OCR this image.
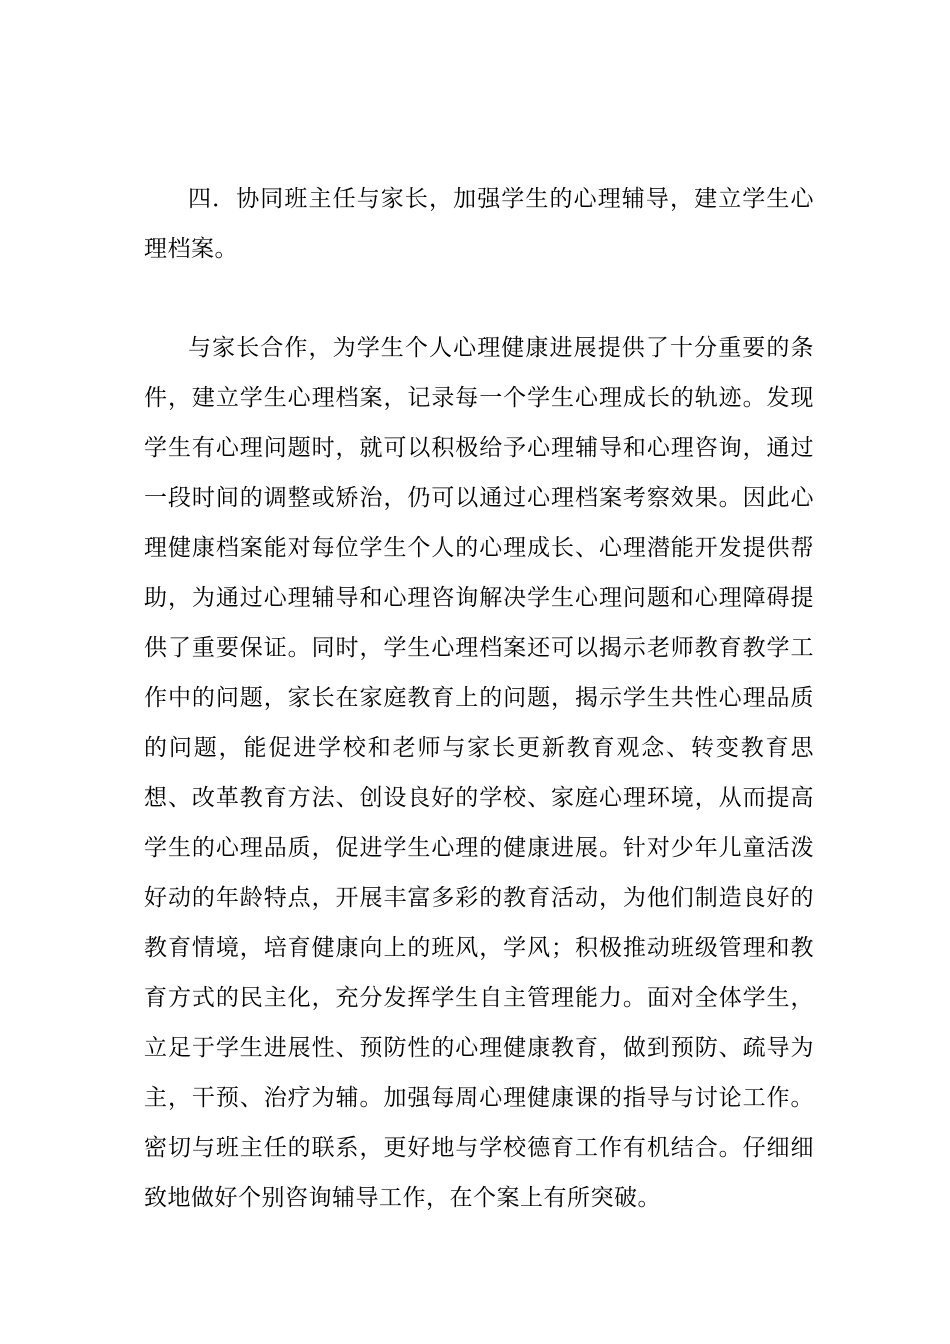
四．协同班主任与家长，加强学生的心理辅导，建立学生心理档案。

与家长合作，为学生个人心理健康进展提供了十分重要的条件，建立学生心理档案，记录每一个学生心理成长的轨迹。发现学生有心理问题时，就可以积极给予心理辅导和心理咨询，通过一段时间的调整或矫治，仍可以通过心理档案考察效果。因此心理健康档案能对每位学生个人的心理成长、心理潜能开发提供帮助，为通过心理辅导和心理咨询解决学生心理问题和心理障碍提供了重要保证。同时，学生心理档案还可以揭示老师教育教学工作中的问题，家长在家庭教育上的问题，揭示学生共性心理品质的问题，能促进学校和老师与家长更新教育观念、转变教育思想、改革教育方法、创设良好的学校、家庭心理环境，从而提高学生的心理品质，促进学生心理的健康进展。针对少年儿童活泼好动的年龄特点，开展丰富多彩的教育活动，为他们制造良好的教育情境，培育健康向上的班风，学风；积极推动班级管理和教育方式的民主化，充分发挥学生自主管理能力。面对全体学生，立足于学生进展性、预防性的心理健康教育，做到预防、疏导为主，干预、治疗为辅。加强每周心理健康课的指导与讨论工作。密切与班主任的联系，更好地与学校德育工作有机结合。仔细细致地做好个别咨询辅导工作，在个案上有所突破。
